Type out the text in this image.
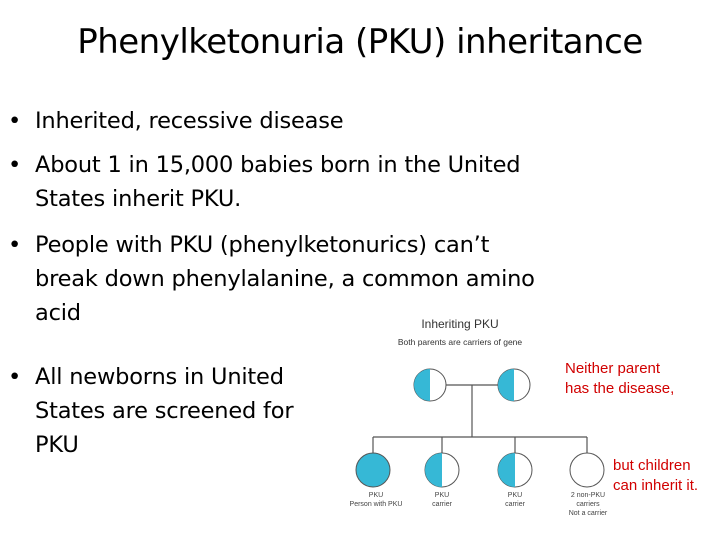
Phenylketonuria (PKU) inheritance
• Inherited, recessive disease
• About 1 in 15,000 babies born in the United
States inherit PKU.
• People with PKU (phenylketonurics) can’t
break down phenylalanine, a common amino
acid
• All newborns in United
States are screened for
PKU
Inheriting PKU
Both parents are carriers of gene
PKU
Person with PKU
PKU
carrier
PKU
carrier
2 non-PKU
carriers
Not a carrier
Neither parent
has the disease,
but children
can inherit it.
